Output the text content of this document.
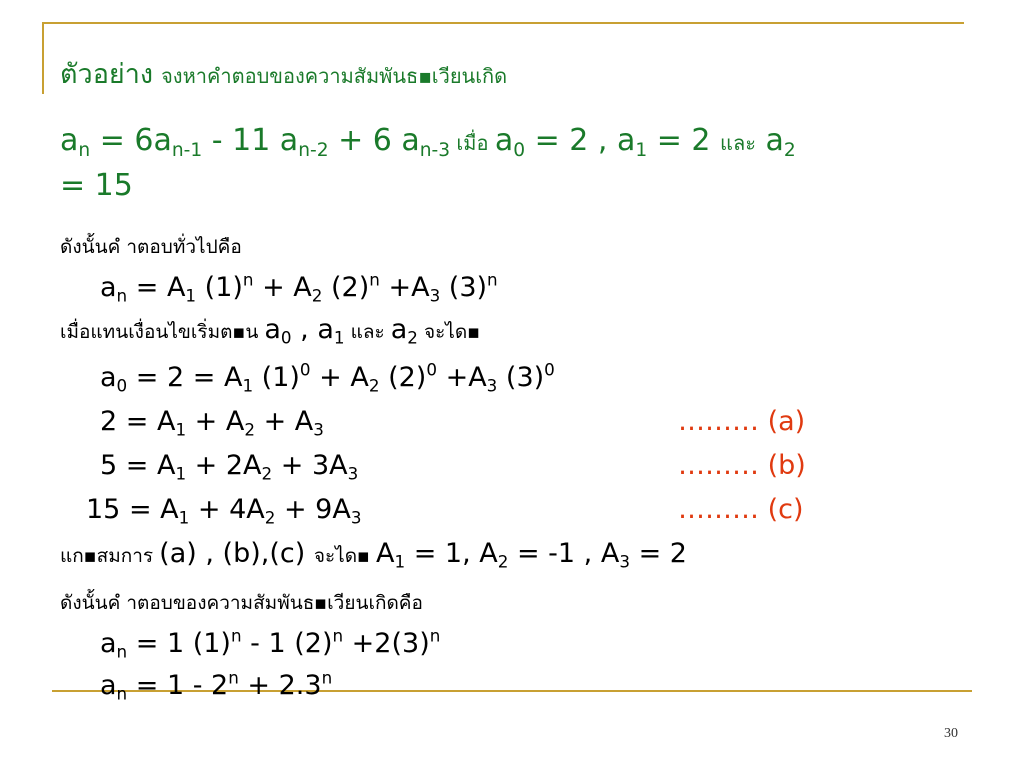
ตัวอย่าง จงหาคำตอบของความสัมพันธ▪เวียนเกิด
$a_n = 6a_{n-1} - 11$ $a_{n-2} + 6$ $a_{n-3}$ เมื่อ $a_0 = 2$ , $a_1 = 2$ และ $a_2$
= 15
ดังนั้นคํ าตอบทั่วไปคือ
$a_n = A_1$ $(1)^n + A_2$ $(2)^n +A_3$ $(3)^n$
เมื่อแทนเงื่อนไขเริ่มต▪น $a_0$ , $a_1$ และ $a_2$ จะได▪
$a_0 = 2 = A_1$ $(1)^0 + A_2$ $(2)^0 +A_3$ $(3)^0$
$2 = A_1 + A_2 + A_3$	……… (a)
$5 = A_1 + 2A_2 + 3A_3$	……… (b)
$15 = A_1 + 4A_2 + 9A_3$	……… (c)
แก▪สมการ (a) , (b),(c) จะได▪ $A_1 = 1$, $A_2 = -1$ , $A_3 = 2$
ดังนั้นคํ าตอบของความสัมพันธ▪เวียนเกิดคือ
$a_n = 1$ $(1)^n - 1$ $(2)^n +2(3)^n$
$a_n = 1 - 2^n + 2.3^n$
30
